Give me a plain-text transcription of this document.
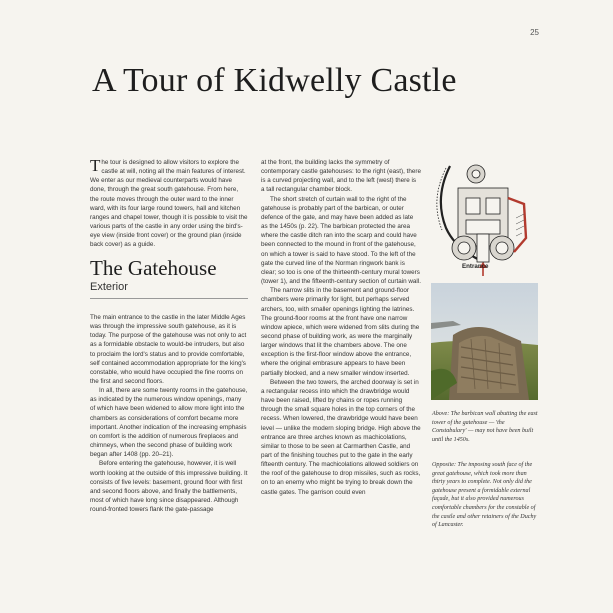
25
A Tour of Kidwelly Castle

The tour is designed to allow visitors to explore the castle at will, noting all the main features of interest. We enter as our medieval counterparts would have done, through the great south gatehouse. From here, the route moves through the outer ward to the inner ward, with its four large round towers, hall and kitchen ranges and chapel tower, though it is possible to visit the various parts of the castle in any order using the bird's-eye view (inside front cover) or the ground plan (inside back cover) as a guide.

The Gatehouse
Exterior

The main entrance to the castle in the later Middle Ages was through the impressive south gatehouse, as it is today. The purpose of the gatehouse was not only to act as a formidable obstacle to would-be intruders, but also to proclaim the lord's status and to provide comfortable, self contained accommodation appropriate for the king's constable, who would have occupied the fine rooms on the first and second floors.

In all, there are some twenty rooms in the gatehouse, as indicated by the numerous window openings, many of which have been widened to allow more light into the chambers as considerations of comfort became more important. Another indication of the increasing emphasis on comfort is the addition of numerous fireplaces and chimneys, when the second phase of building work began after 1408 (pp. 20–21).

Before entering the gatehouse, however, it is well worth looking at the outside of this impressive building. It consists of five levels: basement, ground floor with first and second floors above, and finally the battlements, most of which have long since disappeared. Although round-fronted towers flank the gate-passage

at the front, the building lacks the symmetry of contemporary castle gatehouses: to the right (east), there is a curved projecting wall, and to the left (west) there is a tall rectangular chamber block.

The short stretch of curtain wall to the right of the gatehouse is probably part of the barbican, or outer defence of the gate, and may have been added as late as the 1450s (p. 22). The barbican protected the area where the castle ditch ran into the scarp and could have been connected to the mound in front of the gatehouse, on which a tower is said to have stood. To the left of the gate the curved line of the Norman ringwork bank is clear; so too is one of the thirteenth-century mural towers (tower 1), and the fifteenth-century section of curtain wall.

The narrow slits in the basement and ground-floor chambers were primarily for light, but perhaps served archers, too, with smaller openings lighting the latrines. The ground-floor rooms at the front have one narrow window apiece, which were widened from slits during the second phase of building work, as were the marginally larger windows that lit the chambers above. The one exception is the first-floor window above the entrance, where the original embrasure appears to have been partially blocked, and a new smaller window inserted.

Between the two towers, the arched doorway is set in a rectangular recess into which the drawbridge would have been raised, lifted by chains or ropes running through the small square holes in the top corners of the recess. When lowered, the drawbridge would have been level — unlike the modern sloping bridge. High above the entrance are three arches known as machicolations, similar to those to be seen at Carmarthen Castle, and part of the finishing touches put to the gate in the early fifteenth century. The machicolations allowed soldiers on the roof of the gatehouse to drop missiles, such as rocks, on to an enemy who might be trying to break down the castle gates. The garrison could even

Entrance
Above: The barbican wall abutting the east tower of the gatehouse — 'the Constabulary' — may not have been built until the 1450s.
Opposite: The imposing south face of the great gatehouse, which took more than thirty years to complete. Not only did the gatehouse present a formidable external façade, but it also provided numerous comfortable chambers for the constable of the castle and other retainers of the Duchy of Lancaster.
